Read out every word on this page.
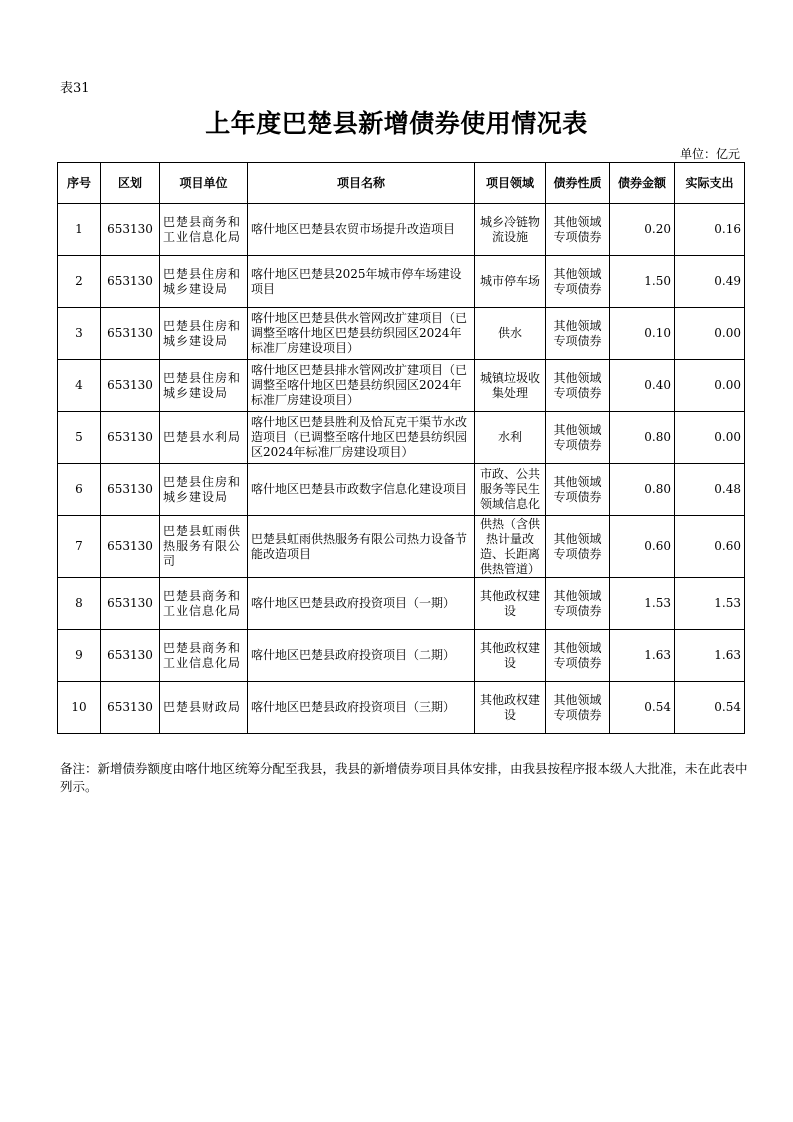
表31
上年度巴楚县新增债券使用情况表
单位：亿元
序号	区划	项目单位	项目名称	项目领域	债券性质	债券金额	实际支出
1	653130	巴楚县商务和工业信息化局	喀什地区巴楚县农贸市场提升改造项目	城乡冷链物流设施	其他领域专项债券	0.20	0.16
2	653130	巴楚县住房和城乡建设局	喀什地区巴楚县2025年城市停车场建设项目	城市停车场	其他领域专项债券	1.50	0.49
3	653130	巴楚县住房和城乡建设局	喀什地区巴楚县供水管网改扩建项目（已调整至喀什地区巴楚县纺织园区2024年标准厂房建设项目）	供水	其他领域专项债券	0.10	0.00
4	653130	巴楚县住房和城乡建设局	喀什地区巴楚县排水管网改扩建项目（已调整至喀什地区巴楚县纺织园区2024年标准厂房建设项目）	城镇垃圾收集处理	其他领域专项债券	0.40	0.00
5	653130	巴楚县水利局	喀什地区巴楚县胜利及恰瓦克干渠节水改造项目（已调整至喀什地区巴楚县纺织园区2024年标准厂房建设项目）	水利	其他领域专项债券	0.80	0.00
6	653130	巴楚县住房和城乡建设局	喀什地区巴楚县市政数字信息化建设项目	市政、公共服务等民生领域信息化	其他领域专项债券	0.80	0.48
7	653130	巴楚县虹雨供热服务有限公司	巴楚县虹雨供热服务有限公司热力设备节能改造项目	供热（含供热计量改造、长距离供热管道）	其他领域专项债券	0.60	0.60
8	653130	巴楚县商务和工业信息化局	喀什地区巴楚县政府投资项目（一期）	其他政权建设	其他领域专项债券	1.53	1.53
9	653130	巴楚县商务和工业信息化局	喀什地区巴楚县政府投资项目（二期）	其他政权建设	其他领域专项债券	1.63	1.63
10	653130	巴楚县财政局	喀什地区巴楚县政府投资项目（三期）	其他政权建设	其他领域专项债券	0.54	0.54
备注：新增债券额度由喀什地区统筹分配至我县，我县的新增债券项目具体安排，由我县按程序报本级人大批准，未在此表中列示。
